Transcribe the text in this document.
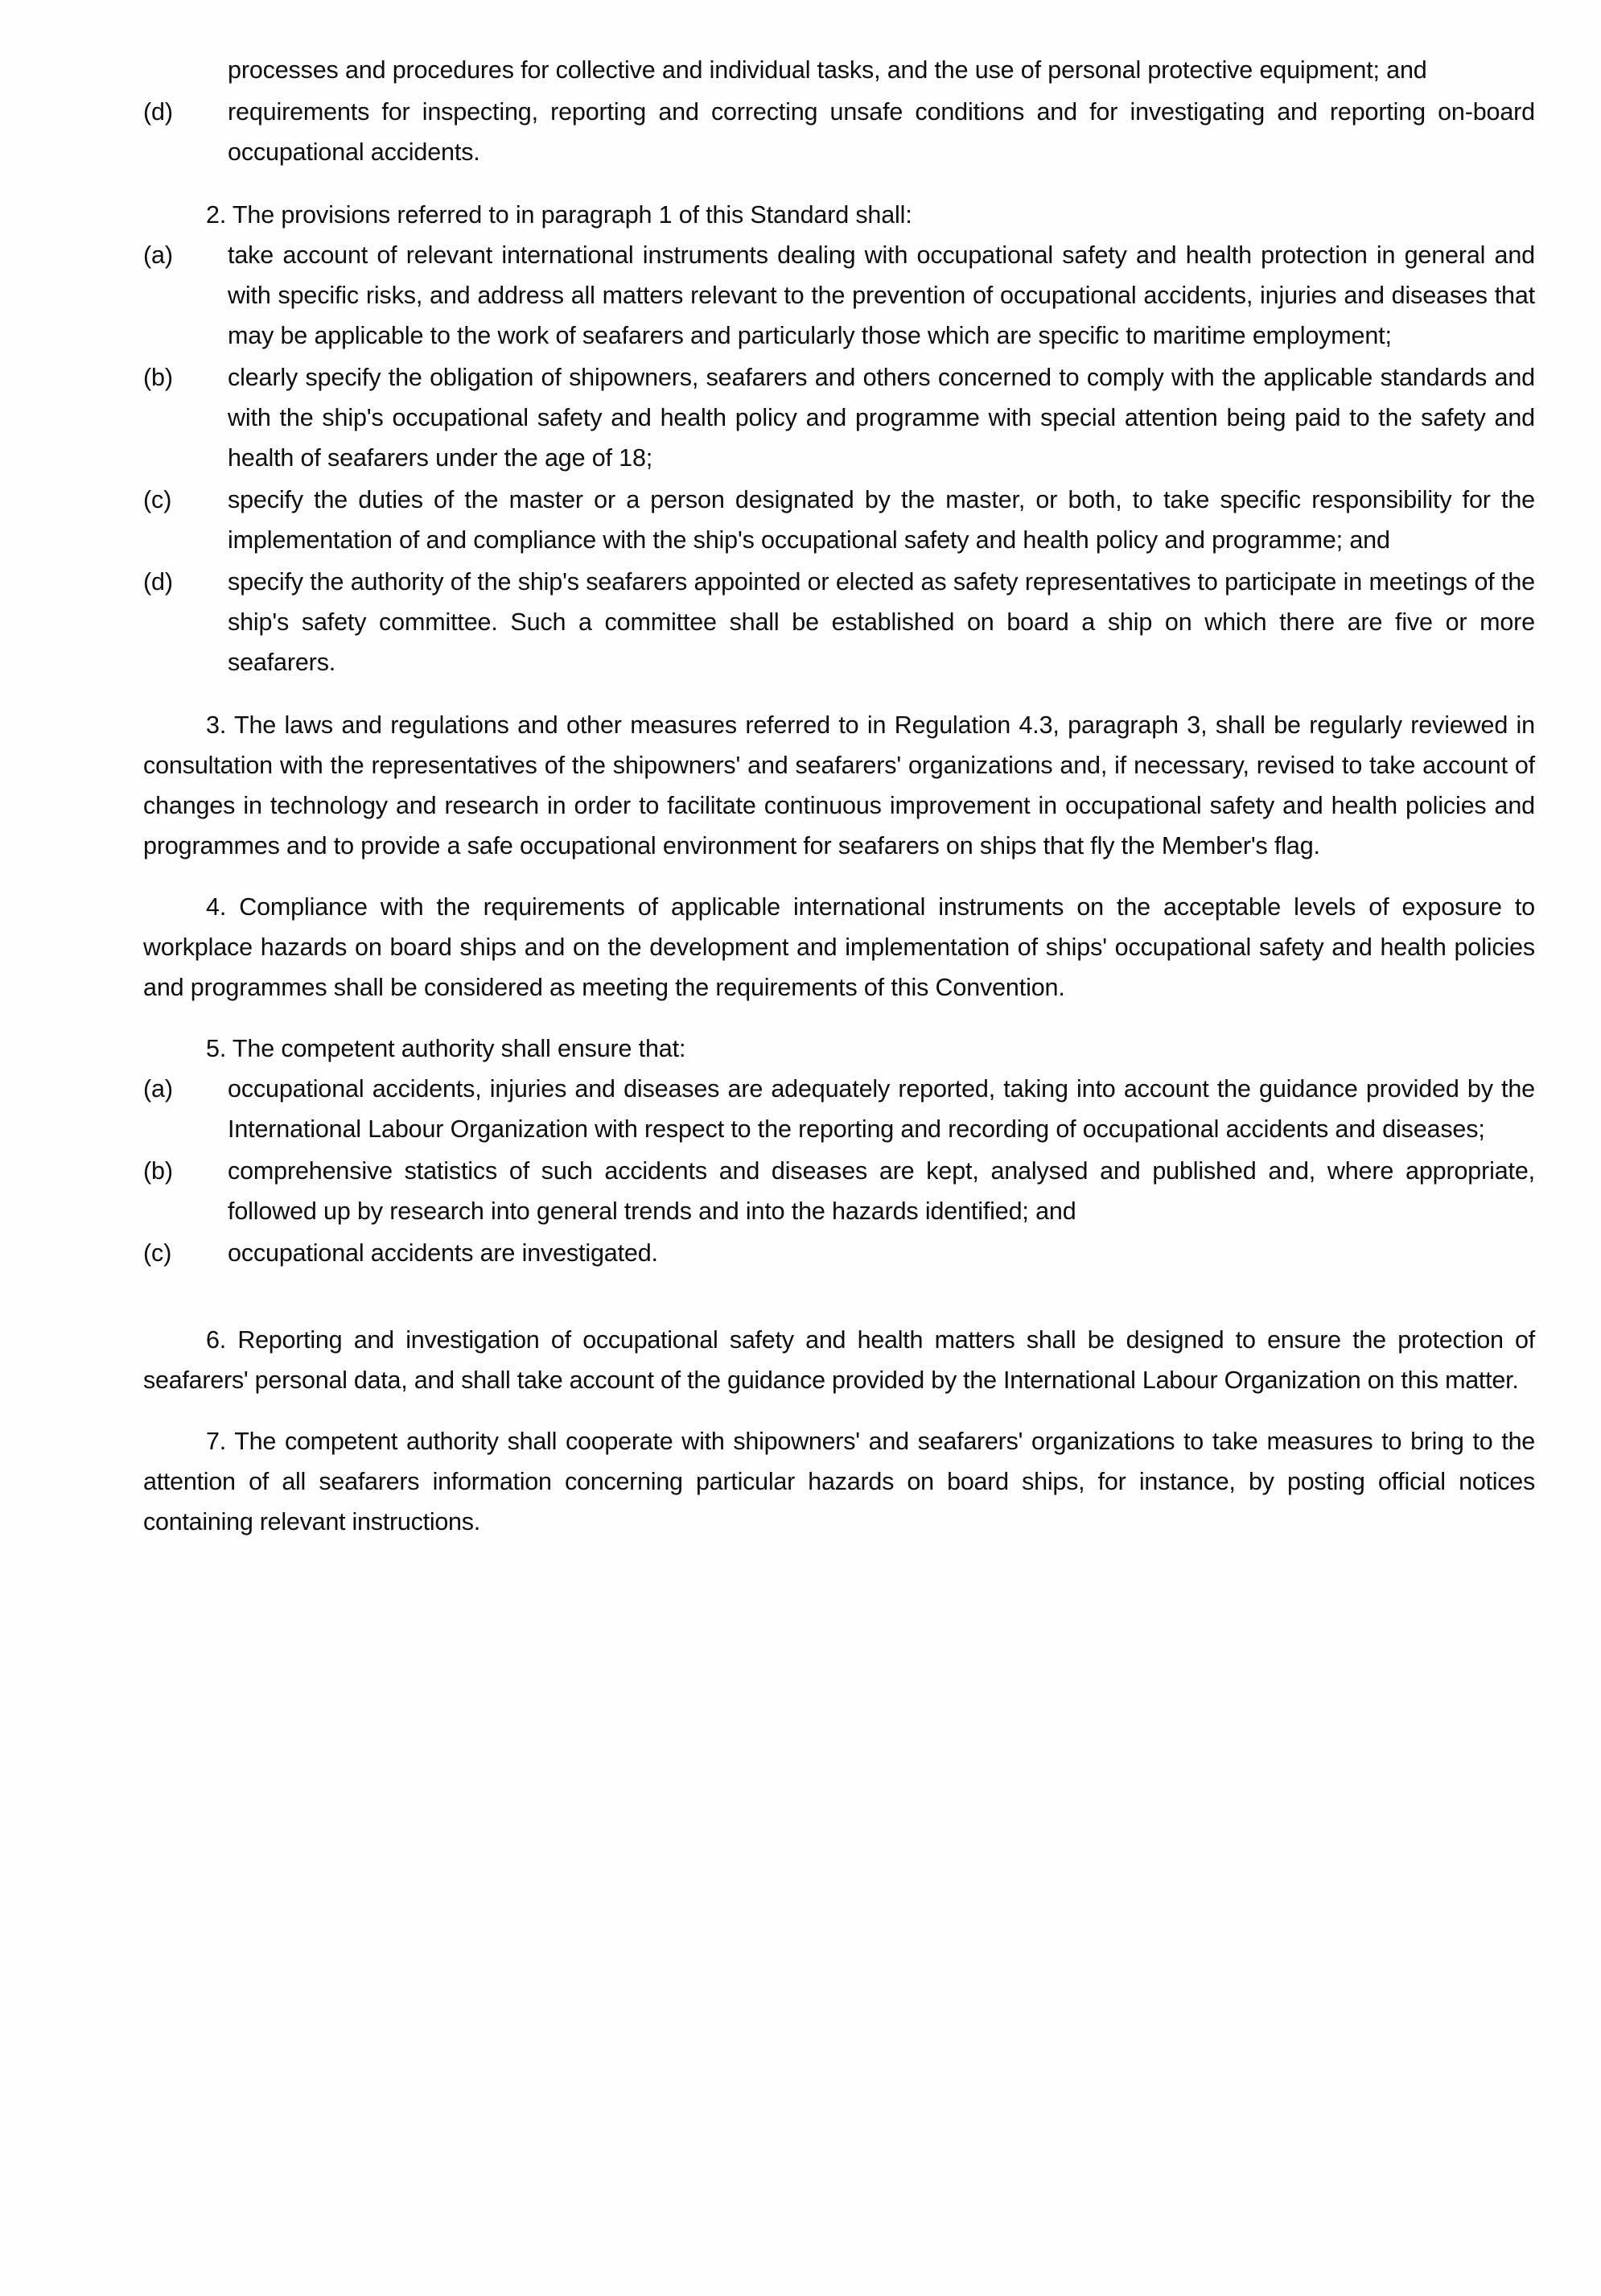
processes and procedures for collective and individual tasks, and the use of personal protective equipment; and
(d)	requirements for inspecting, reporting and correcting unsafe conditions and for investigating and reporting on-board occupational accidents.
2. The provisions referred to in paragraph 1 of this Standard shall:
(a)	take account of relevant international instruments dealing with occupational safety and health protection in general and with specific risks, and address all matters relevant to the prevention of occupational accidents, injuries and diseases that may be applicable to the work of seafarers and particularly those which are specific to maritime employment;
(b)	clearly specify the obligation of shipowners, seafarers and others concerned to comply with the applicable standards and with the ship's occupational safety and health policy and programme with special attention being paid to the safety and health of seafarers under the age of 18;
(c)	specify the duties of the master or a person designated by the master, or both, to take specific responsibility for the implementation of and compliance with the ship's occupational safety and health policy and programme; and
(d)	specify the authority of the ship's seafarers appointed or elected as safety representatives to participate in meetings of the ship's safety committee. Such a committee shall be established on board a ship on which there are five or more seafarers.
3. The laws and regulations and other measures referred to in Regulation 4.3, paragraph 3, shall be regularly reviewed in consultation with the representatives of the shipowners' and seafarers' organizations and, if necessary, revised to take account of changes in technology and research in order to facilitate continuous improvement in occupational safety and health policies and programmes and to provide a safe occupational environment for seafarers on ships that fly the Member's flag.
4. Compliance with the requirements of applicable international instruments on the acceptable levels of exposure to workplace hazards on board ships and on the development and implementation of ships' occupational safety and health policies and programmes shall be considered as meeting the requirements of this Convention.
5. The competent authority shall ensure that:
(a)	occupational accidents, injuries and diseases are adequately reported, taking into account the guidance provided by the International Labour Organization with respect to the reporting and recording of occupational accidents and diseases;
(b)	comprehensive statistics of such accidents and diseases are kept, analysed and published and, where appropriate, followed up by research into general trends and into the hazards identified; and
(c)	occupational accidents are investigated.
6. Reporting and investigation of occupational safety and health matters shall be designed to ensure the protection of seafarers' personal data, and shall take account of the guidance provided by the International Labour Organization on this matter.
7. The competent authority shall cooperate with shipowners' and seafarers' organizations to take measures to bring to the attention of all seafarers information concerning particular hazards on board ships, for instance, by posting official notices containing relevant instructions.
